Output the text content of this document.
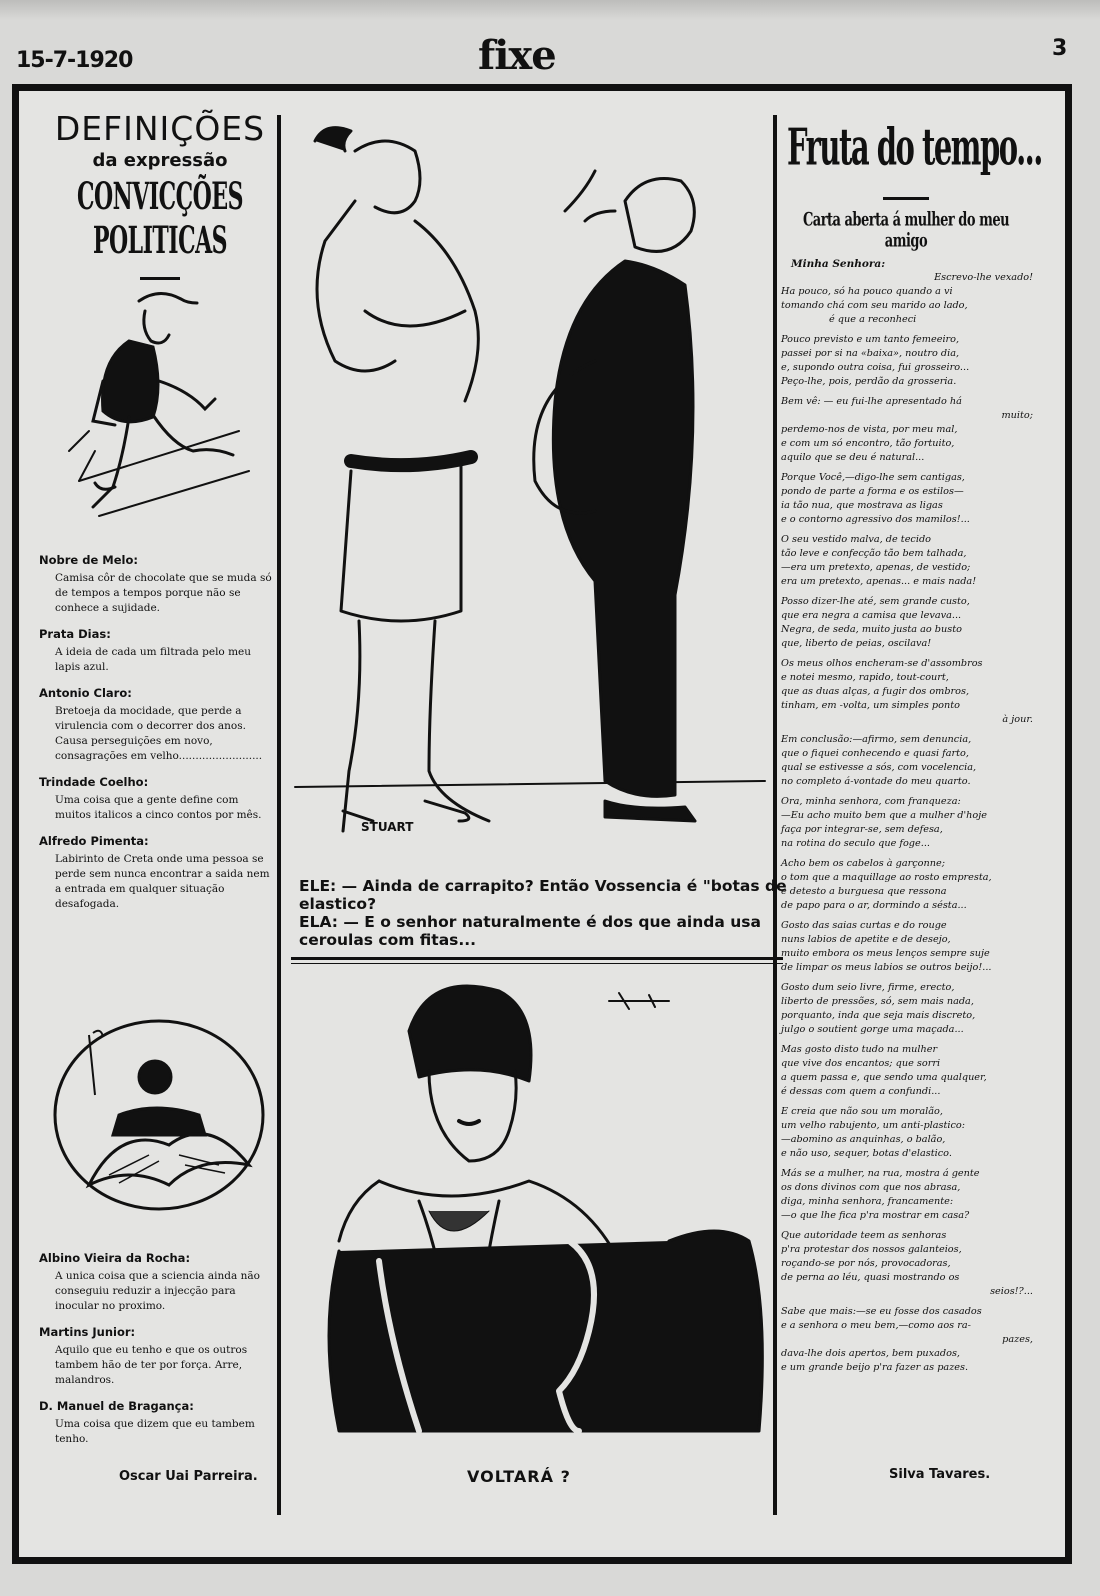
15-7-1920	fixe	3
DEFINIÇÕES
da expressão
CONVICÇÕES POLITICAS
Nobre de Melo:
Camisa côr de chocolate que se muda só de tempos a tempos porque não se conhece a sujidade.
Prata Dias:
A ideia de cada um filtrada pelo meu lapis azul.
Antonio Claro:
Bretoeja da mocidade, que perde a virulencia com o decorrer dos anos. Causa perseguições em novo, consagrações em velho.........................
Trindade Coelho:
Uma coisa que a gente define com muitos italicos a cinco contos por mês.
Alfredo Pimenta:
Labirinto de Creta onde uma pessoa se perde sem nunca encontrar a saida nem a entrada em qualquer situação desafogada.
Albino Vieira da Rocha:
A unica coisa que a sciencia ainda não conseguiu reduzir a injecção para inocular no proximo.
Martins Junior:
Aquilo que eu tenho e que os outros tambem hão de ter por força. Arre, malandros.
D. Manuel de Bragança:
Uma coisa que dizem que eu tambem tenho.
Oscar Uai Parreira.
STUART
ELE: — Ainda de carrapito? Então Vossencia é "botas de elastico?
ELA: — E o senhor naturalmente é dos que ainda usa ceroulas com fitas...
VOLTARÁ ?
Fruta do tempo...
Carta aberta á mulher do meu amigo
Minha Senhora:
Escrevo-lhe vexado!
Ha pouco, só ha pouco quando a vi
tomando chá com seu marido ao lado,
é que a reconheci
Pouco previsto e um tanto femeeiro,
passei por si na «baixa», noutro dia,
e, supondo outra coisa, fui grosseiro...
Peço-lhe, pois, perdão da grosseria.
Bem vê: — eu fui-lhe apresentado há
muito;
perdemo-nos de vista, por meu mal,
e com um só encontro, tão fortuito,
aquilo que se deu é natural...
Porque Você,—digo-lhe sem cantigas,
pondo de parte a forma e os estilos—
ia tão nua, que mostrava as ligas
e o contorno agressivo dos mamilos!...
O seu vestido malva, de tecido
tão leve e confecção tão bem talhada,
—era um pretexto, apenas, de vestido;
era um pretexto, apenas... e mais nada!
Posso dizer-lhe até, sem grande custo,
que era negra a camisa que levava...
Negra, de seda, muito justa ao busto
que, liberto de peias, oscilava!
Os meus olhos encheram-se d'assombros
e notei mesmo, rapido, tout-court,
que as duas alças, a fugir dos ombros,
tinham, em -volta, um simples ponto
à jour.
Em conclusão:—afirmo, sem denuncia,
que o fiquei conhecendo e quasi farto,
qual se estivesse a sós, com vocelencia,
no completo á-vontade do meu quarto.
Ora, minha senhora, com franqueza:
—Eu acho muito bem que a mulher d'hoje
faça por integrar-se, sem defesa,
na rotina do seculo que foge...
Acho bem os cabelos à garçonne;
o tom que a maquillage ao rosto empresta,
e detesto a burguesa que ressona
de papo para o ar, dormindo a sésta...
Gosto das saias curtas e do rouge
nuns labios de apetite e de desejo,
muito embora os meus lenços sempre suje
de limpar os meus labios se outros beijo!...
Gosto dum seio livre, firme, erecto,
liberto de pressões, só, sem mais nada,
porquanto, inda que seja mais discreto,
julgo o soutient gorge uma maçada...
Mas gosto disto tudo na mulher
que vive dos encantos; que sorri
a quem passa e, que sendo uma qualquer,
é dessas com quem a confundi...
E creia que não sou um moralão,
um velho rabujento, um anti-plastico:
—abomino as anquinhas, o balão,
e não uso, sequer, botas d'elastico.
Más se a mulher, na rua, mostra á gente
os dons divinos com que nos abrasa,
diga, minha senhora, francamente:
—o que lhe fica p'ra mostrar em casa?
Que autoridade teem as senhoras
p'ra protestar dos nossos galanteios,
roçando-se por nós, provocadoras,
de perna ao léu, quasi mostrando os
seios!?...
Sabe que mais:—se eu fosse dos casados
e a senhora o meu bem,—como aos ra-
pazes,
dava-lhe dois apertos, bem puxados,
e um grande beijo p'ra fazer as pazes.
Silva Tavares.
